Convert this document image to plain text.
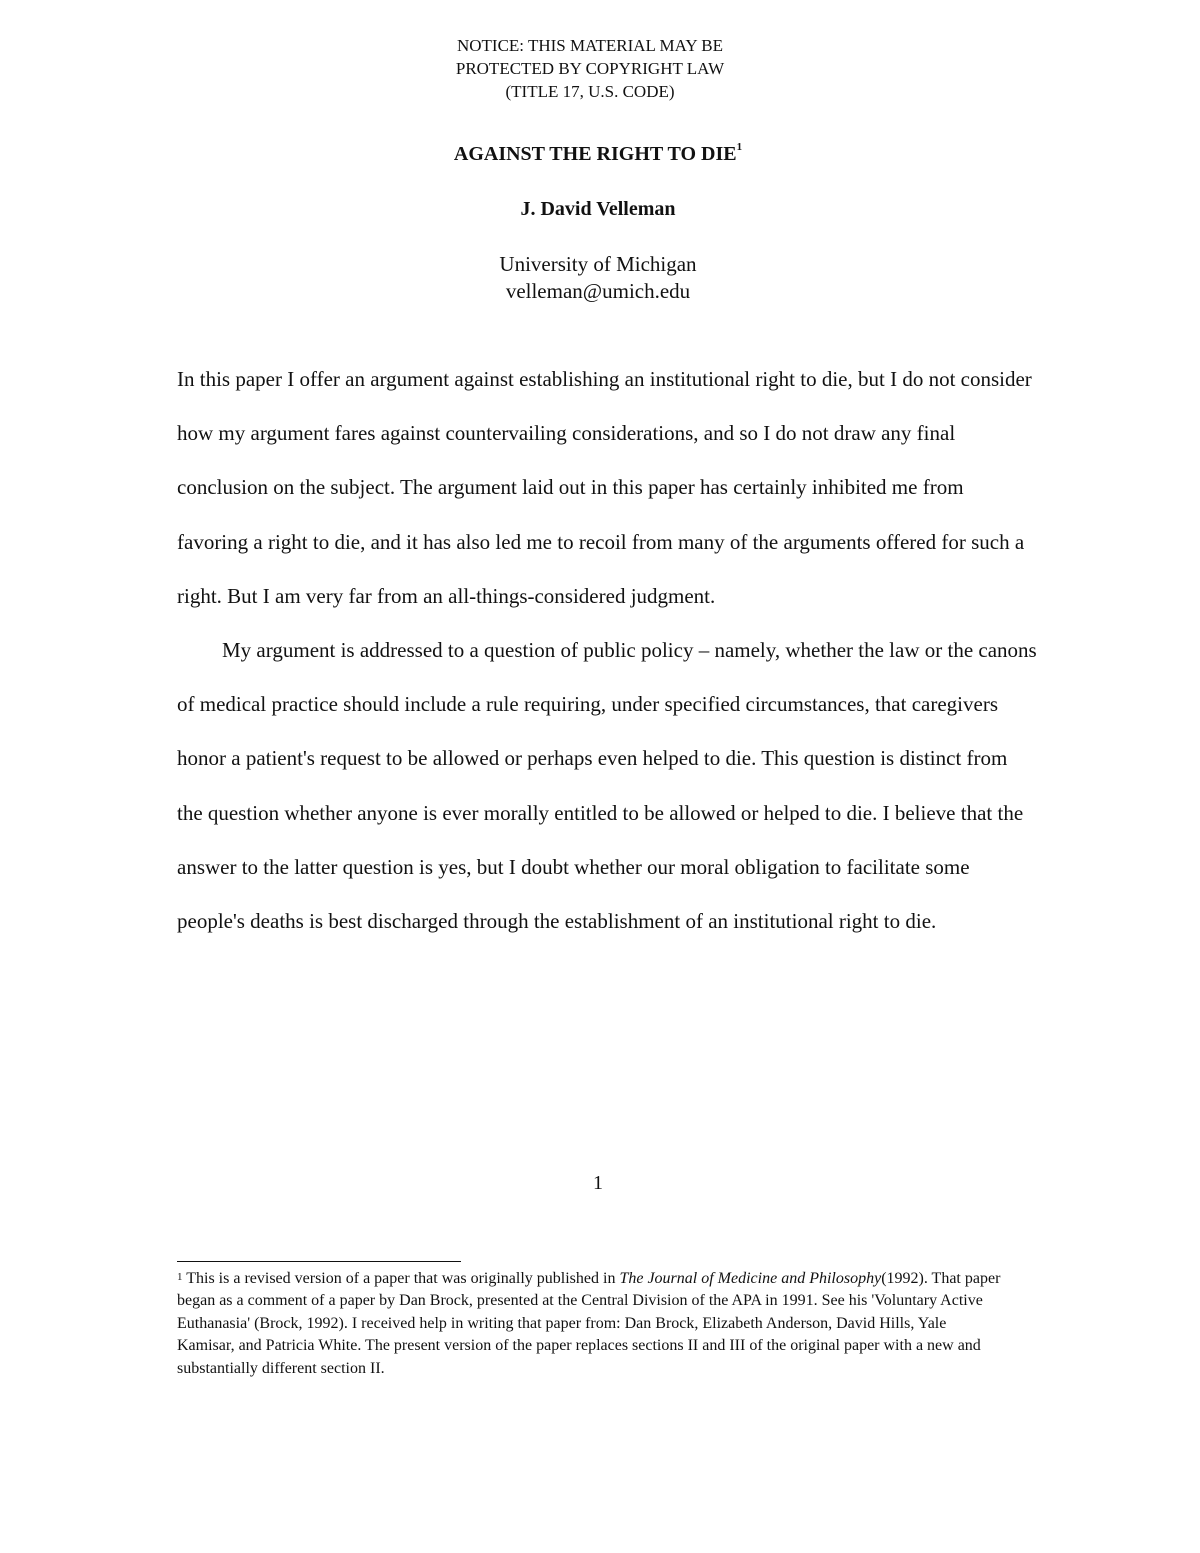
NOTICE: THIS MATERIAL MAY BE
PROTECTED BY COPYRIGHT LAW
(TITLE 17, U.S. CODE)
AGAINST THE RIGHT TO DIE$^1$
J. David Velleman
University of Michigan
velleman@umich.edu

In this paper I offer an argument against establishing an institutional right to die, but I do not consider how my argument fares against countervailing considerations, and so I do not draw any final conclusion on the subject. The argument laid out in this paper has certainly inhibited me from favoring a right to die, and it has also led me to recoil from many of the arguments offered for such a right. But I am very far from an all-things-considered judgment.

My argument is addressed to a question of public policy – namely, whether the law or the canons of medical practice should include a rule requiring, under specified circumstances, that caregivers honor a patient's request to be allowed or perhaps even helped to die. This question is distinct from the question whether anyone is ever morally entitled to be allowed or helped to die. I believe that the answer to the latter question is yes, but I doubt whether our moral obligation to facilitate some people's deaths is best discharged through the establishment of an institutional right to die.

1
$^1$ This is a revised version of a paper that was originally published in The Journal of Medicine and Philosophy(1992). That paper began as a comment of a paper by Dan Brock, presented at the Central Division of the APA in 1991. See his 'Voluntary Active Euthanasia' (Brock, 1992). I received help in writing that paper from: Dan Brock, Elizabeth Anderson, David Hills, Yale Kamisar, and Patricia White. The present version of the paper replaces sections II and III of the original paper with a new and substantially different section II.
